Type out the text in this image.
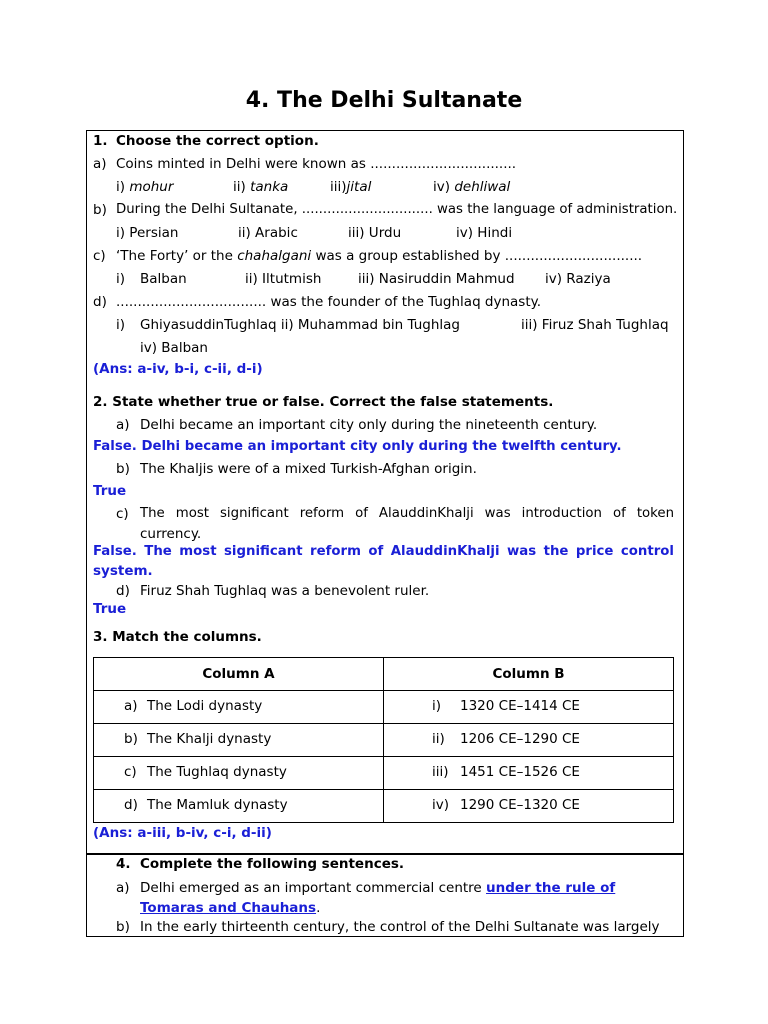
4. The Delhi Sultanate
1. Choose the correct option.
a) Coins minted in Delhi were known as ..................................
i) mohur	ii) tanka	iii)jital	iv) dehliwal
b) During the Delhi Sultanate, ............................... was the language of administration.
i) Persian	ii) Arabic	iii) Urdu	iv) Hindi
c) ‘The Forty’ or the chahalgani was a group established by ................................
i) Balban	ii) Iltutmish	iii) Nasiruddin Mahmud iv) Raziya
d) ................................... was the founder of the Tughlaq dynasty.
i) GhiyasuddinTughlaq ii) Muhammad bin Tughlag	iii) Firuz Shah Tughlaq
iv) Balban
(Ans: a-iv, b-i, c-ii, d-i)
2. State whether true or false. Correct the false statements.
a) Delhi became an important city only during the nineteenth century.
False. Delhi became an important city only during the twelfth century.
b) The Khaljis were of a mixed Turkish-Afghan origin.
True
c) The most significant reform of AlauddinKhalji was introduction of token
currency.
False. The most significant reform of AlauddinKhalji was the price control
system.
d) Firuz Shah Tughlaq was a benevolent ruler.
True
3. Match the columns.
Column A	Column B

a) The Lodi dynasty	i) 1320 CE–1414 CE

b) The Khalji dynasty	ii) 1206 CE–1290 CE

c) The Tughlaq dynasty	iii) 1451 CE–1526 CE

d) The Mamluk dynasty	iv) 1290 CE–1320 CE
(Ans: a-iii, b-iv, c-i, d-ii)
4. Complete the following sentences.
a) Delhi emerged as an important commercial centre under the rule of
Tomaras and Chauhans.
b) In the early thirteenth century, the control of the Delhi Sultanate was largely
